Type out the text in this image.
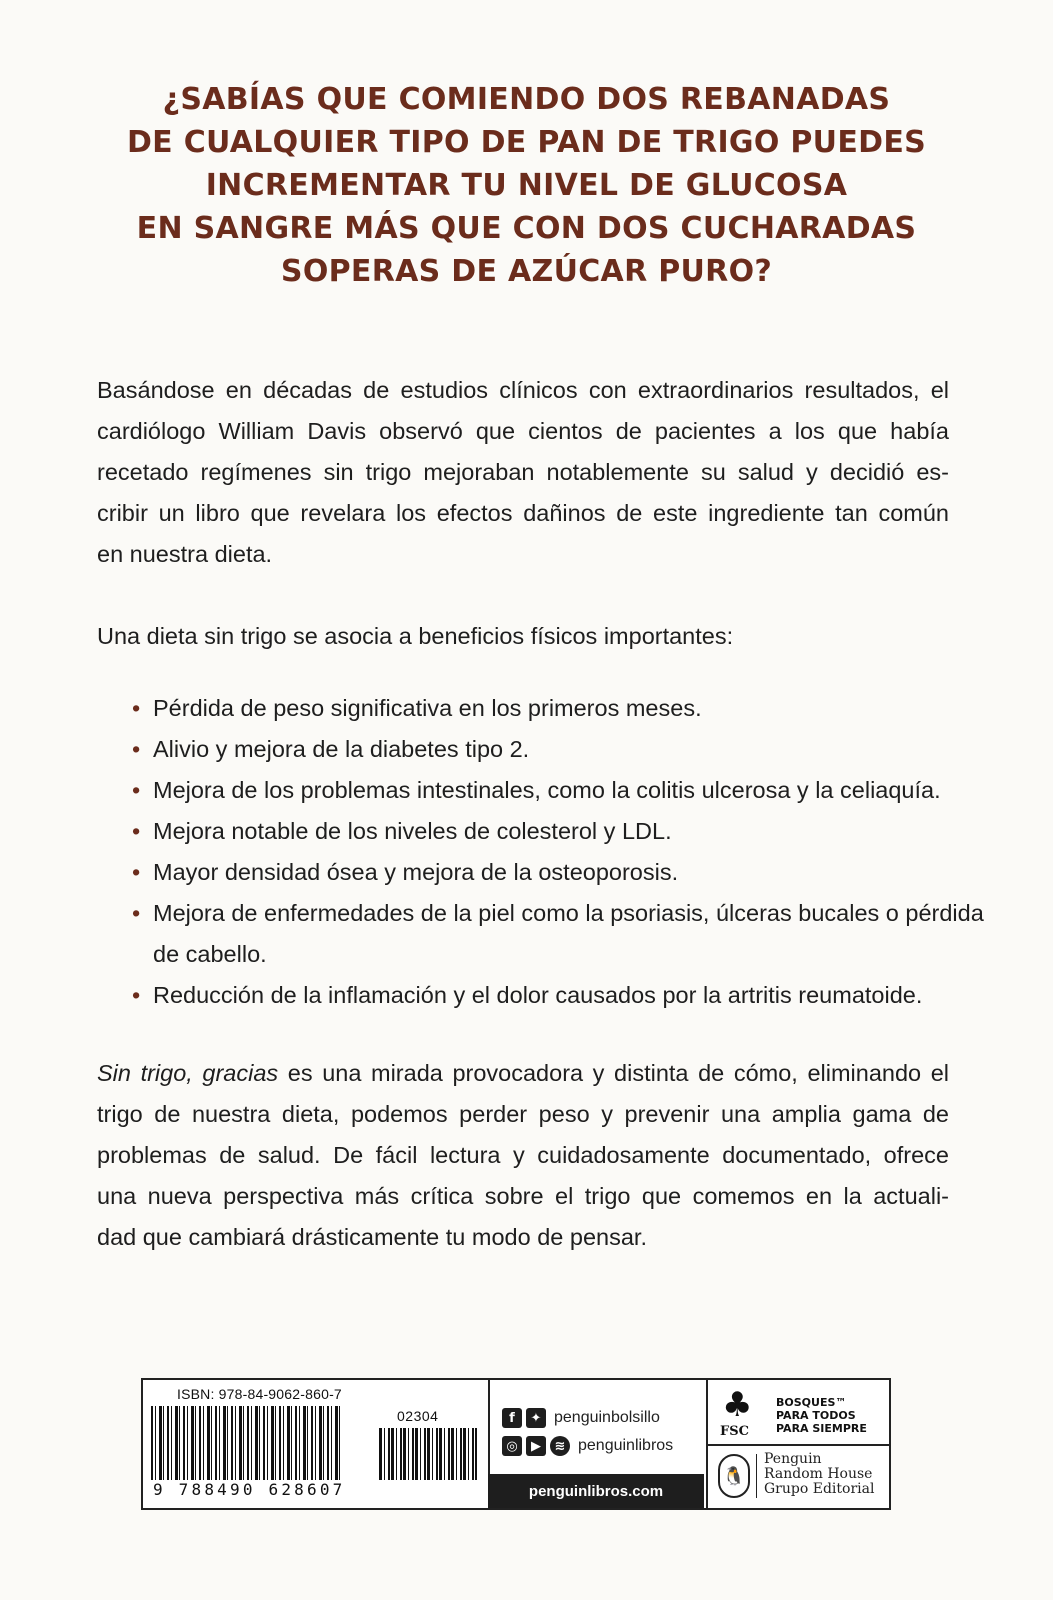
¿SABÍAS QUE COMIENDO DOS REBANADAS
DE CUALQUIER TIPO DE PAN DE TRIGO PUEDES
INCREMENTAR TU NIVEL DE GLUCOSA
EN SANGRE MÁS QUE CON DOS CUCHARADAS
SOPERAS DE AZÚCAR PURO?
Basándose en décadas de estudios clínicos con extraordinarios resultados, el
cardiólogo William Davis observó que cientos de pacientes a los que había
recetado regímenes sin trigo mejoraban notablemente su salud y decidió es-
cribir un libro que revelara los efectos dañinos de este ingrediente tan común
en nuestra dieta.
Una dieta sin trigo se asocia a beneficios físicos importantes:
• Pérdida de peso significativa en los primeros meses.
• Alivio y mejora de la diabetes tipo 2.
• Mejora de los problemas intestinales, como la colitis ulcerosa y la celiaquía.
• Mejora notable de los niveles de colesterol y LDL.
• Mayor densidad ósea y mejora de la osteoporosis.
• Mejora de enfermedades de la piel como la psoriasis, úlceras bucales o pérdida
de cabello.
• Reducción de la inflamación y el dolor causados por la artritis reumatoide.
Sin trigo, gracias es una mirada provocadora y distinta de cómo, eliminando el
trigo de nuestra dieta, podemos perder peso y prevenir una amplia gama de
problemas de salud. De fácil lectura y cuidadosamente documentado, ofrece
una nueva perspectiva más crítica sobre el trigo que comemos en la actuali-
dad que cambiará drásticamente tu modo de pensar.
ISBN: 978-84-9062-860-7
02304
9 788490 628607
f	✦ penguinbolsillo
◎	▶	≋ penguinlibros
penguinlibros.com
♣
FSC
BOSQUES™
PARA TODOS
PARA SIEMPRE
🐧
Penguin
Random House
Grupo Editorial
